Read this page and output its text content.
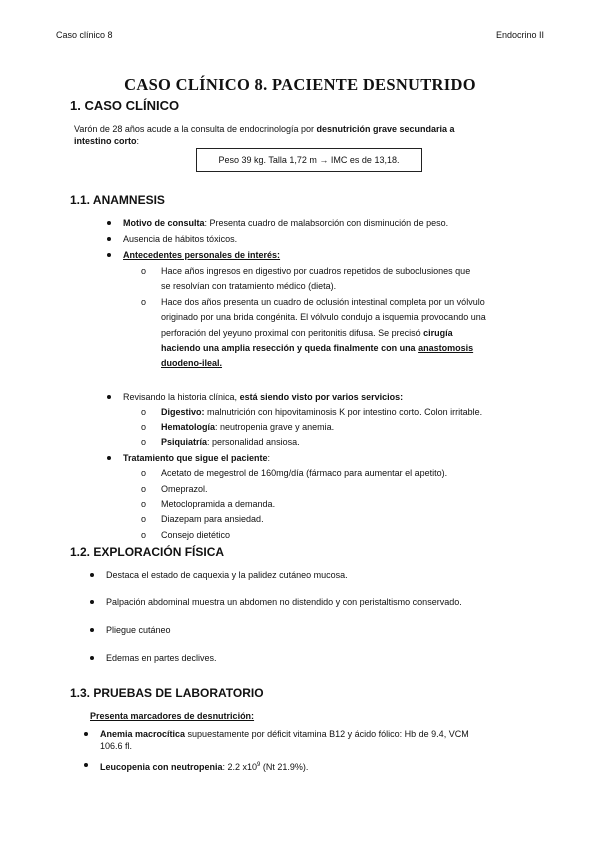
Caso clínico 8	Endocrino II
CASO CLÍNICO 8. PACIENTE DESNUTRIDO
1. CASO CLÍNICO
Varón de 28 años acude a la consulta de endocrinología por desnutrición grave secundaria a
intestino corto:
Peso 39 kg. Talla 1,72 m → IMC es de 13,18.
1.1. ANAMNESIS
Motivo de consulta: Presenta cuadro de malabsorción con disminución de peso.
Ausencia de hábitos tóxicos.
Antecedentes personales de interés:
o Hace años ingresos en digestivo por cuadros repetidos de suboclusiones que
se resolvían con tratamiento médico (dieta).
o Hace dos años presenta un cuadro de oclusión intestinal completa por un vólvulo
originado por una brida congénita. El vólvulo condujo a isquemia provocando una
perforación del yeyuno proximal con peritonitis difusa. Se precisó cirugía
haciendo una amplia resección y queda finalmente con una anastomosis
duodeno-ileal.
Revisando la historia clínica, está siendo visto por varios servicios:
o Digestivo: malnutrición con hipovitaminosis K por intestino corto. Colon irritable.
o Hematología: neutropenia grave y anemia.
o Psiquiatría: personalidad ansiosa.
Tratamiento que sigue el paciente:
o Acetato de megestrol de 160mg/día (fármaco para aumentar el apetito).
o Omeprazol.
o Metoclopramida a demanda.
o Diazepam para ansiedad.
o Consejo dietético
1.2. EXPLORACIÓN FÍSICA
Destaca el estado de caquexia y la palidez cutáneo mucosa.
Palpación abdominal muestra un abdomen no distendido y con peristaltismo conservado.
Pliegue cutáneo
Edemas en partes declives.
1.3. PRUEBAS DE LABORATORIO
Presenta marcadores de desnutrición:
Anemia macrocítica supuestamente por déficit vitamina B12 y ácido fólico: Hb de 9.4, VCM
106.6 fl.
Leucopenia con neutropenia: 2.2 $x10^9$ (Nt 21.9%).
